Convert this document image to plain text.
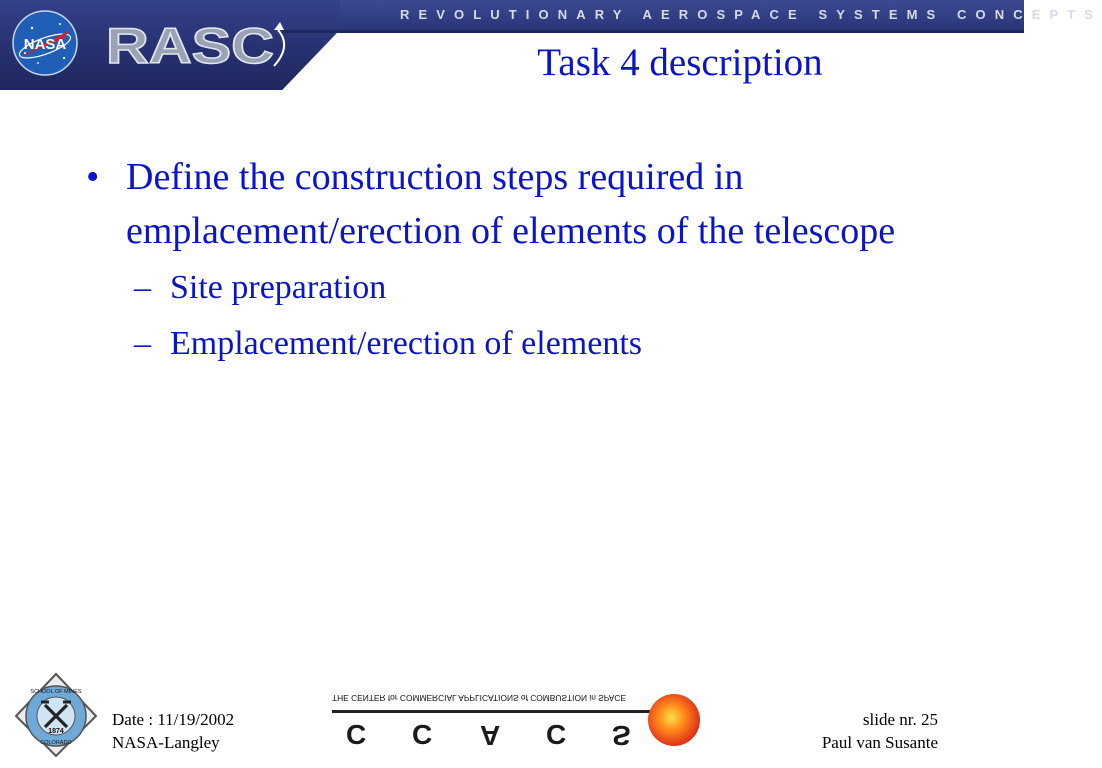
REVOLUTIONARY AEROSPACE SYSTEMS CONCEPTS
NASA RASC	Task 4 description
• Define the construction steps required in emplacement/erection of elements of the telescope
– Site preparation
– Emplacement/erection of elements
1874
SCHOOL OF MINES
COLORADO
Date : 11/19/2002
NASA-Langley
THE CENTER for COMMERCIAL APPLICATIONS of COMBUSTION in SPACE
C C A C S
slide nr. 25
Paul van Susante
